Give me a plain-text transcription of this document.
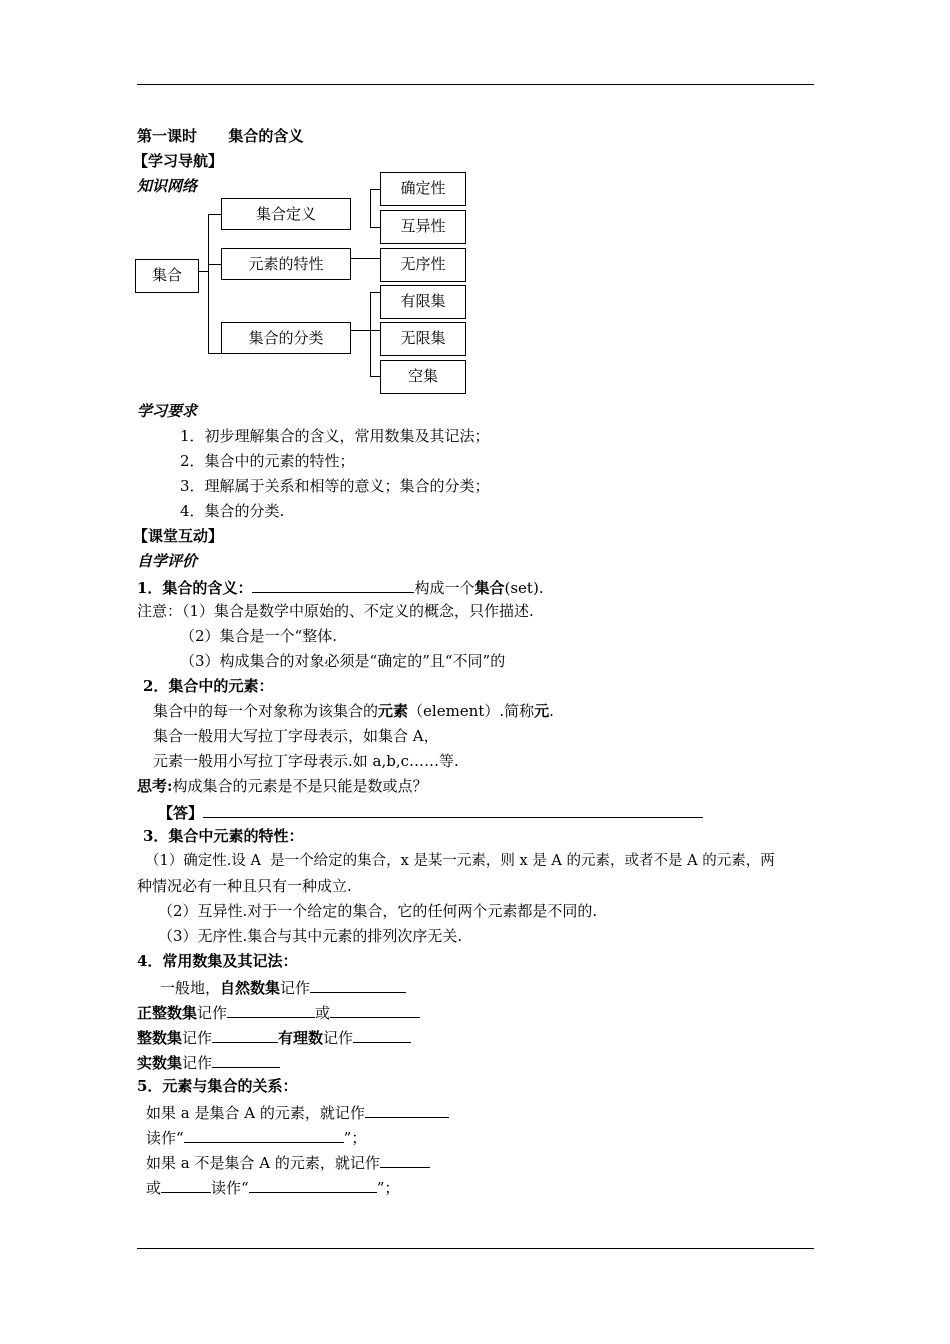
第一课时      集合的含义
【学习导航】
知识网络
集合
集合定义
元素的特性
集合的分类
确定性
互异性
无序性
有限集
无限集
空集
学习要求
1．初步理解集合的含义，常用数集及其记法；
2．集合中的元素的特性；
3．理解属于关系和相等的意义；集合的分类；
4．集合的分类.
【课堂互动】
自学评价
1．集合的含义：	构成一个集合(set).
注意：（1）集合是数学中原始的、不定义的概念，只作描述.
（2）集合是一个“整体.
（3）构成集合的对象必须是“确定的”且“不同”的
2．集合中的元素：
集合中的每一个对象称为该集合的元素（element）.简称元.
集合一般用大写拉丁字母表示，如集合 A，
元素一般用小写拉丁字母表示.如 a,b,c……等.
思考:构成集合的元素是不是只能是数或点？
【答】
3．集合中元素的特性：
（1）确定性.设 A  是一个给定的集合，x 是某一元素，则 x 是 A 的元素，或者不是 A 的元素，两
种情况必有一种且只有一种成立.
（2）互异性.对于一个给定的集合，它的任何两个元素都是不同的.
（3）无序性.集合与其中元素的排列次序无关.
4．常用数集及其记法：
一般地，自然数集记作
正整数集记作	或
整数集记作	有理数记作
实数集记作
5．元素与集合的关系：
如果 a 是集合 A 的元素，就记作
读作“	”；
如果 a 不是集合 A 的元素，就记作
或	读作“	”；
